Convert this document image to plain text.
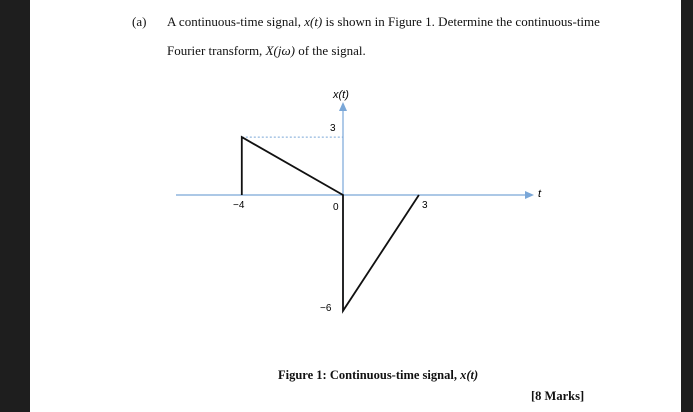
(a) A continuous-time signal, x(t) is shown in Figure 1. Determine the continuous-time
Fourier transform, X(jω) of the signal.
x(t)
t
−4	0	3
3
−6
Figure 1: Continuous-time signal, x(t)
[8 Marks]
